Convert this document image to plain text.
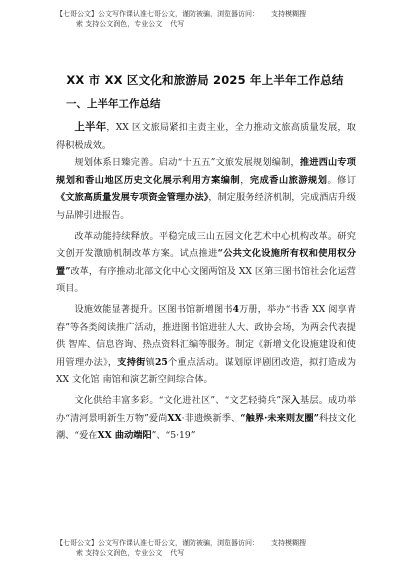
【七哥公文】公文写作课认准七哥公文，谨防被骗，浏览器访问： 支持模糊搜
索 支持公文润色，专业公文 代写
XX 市 XX 区文化和旅游局 2025 年上半年工作总结
一、上半年工作总结

上半年，XX 区文旅局紧扣主责主业，全力推动文旅高质量发展，取得积极成效。

规划体系日臻完善。启动“十五五”文旅发展规划编制，推进西山专项规划和香山地区历史文化展示利用方案编制，完成香山旅游规划。修订《文旅高质量发展专项资金管理办法》，制定服务经济机制，完成酒店升级与品牌引进报告。

改革动能持续释放。平稳完成三山五园文化艺术中心机构改革。研究文创开发激励机制改革方案。试点推进“公共文化设施所有权和使用权分置”改革，有序推动北部文化中心文图两馆及 XX 区第三图书馆社会化运营项目。

设施效能显著提升。区图书馆新增图书4万册，举办“书香 XX 阅享青春”等各类阅读推广活动，推进图书馆进驻人大、政协会场，为两会代表提供 智库、信息咨询、热点资料汇编等服务。制定《新增文化设施建设和使用管理办法》，支持街镇25个重点活动。谋划原评剧团改造，拟打造成为 XX 文化馆 南馆和演艺新空间综合体。

文化供给丰富多彩。“文化进社区”、“文艺轻骑兵”深入基层。成功举办“清河景明新生万物”爱尚XX·非遗焕新季、“触界·未来则友圈”科技文化潮、“爱在XX 曲动端阳”、“5·19”

【七哥公文】公文写作课认准七哥公文，谨防被骗，浏览器访问： 支持模糊搜
索 支持公文润色，专业公文 代写
